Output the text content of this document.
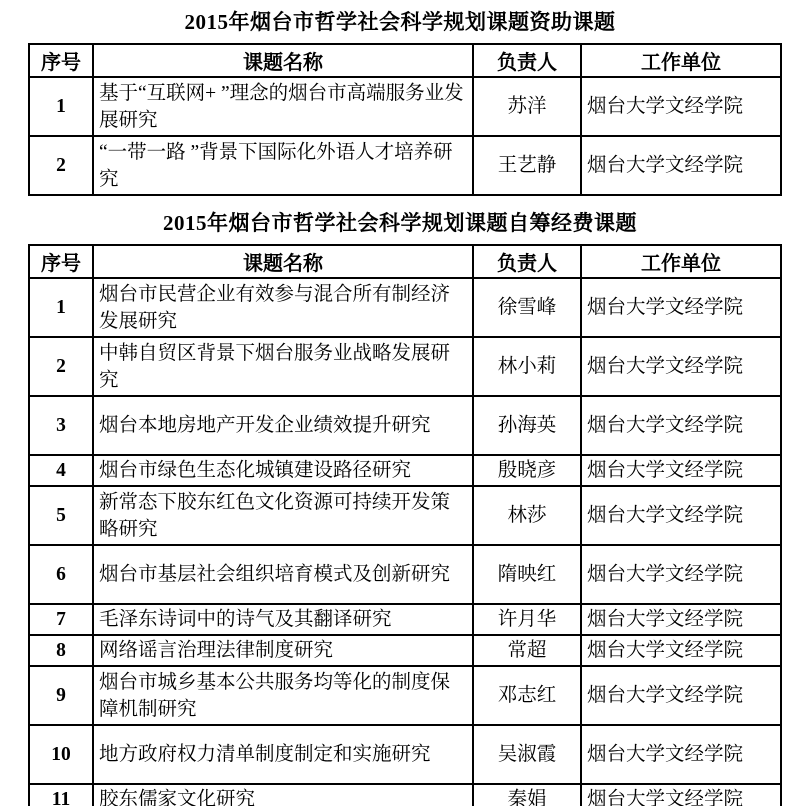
2015年烟台市哲学社会科学规划课题资助课题
序号	课题名称	负责人	工作单位
1	基于“互联网+ ”理念的烟台市高端服务业发展研究	苏洋	烟台大学文经学院
2	“一带一路 ”背景下国际化外语人才培养研究	王艺静	烟台大学文经学院
2015年烟台市哲学社会科学规划课题自筹经费课题
序号	课题名称	负责人	工作单位
1	烟台市民营企业有效参与混合所有制经济发展研究	徐雪峰	烟台大学文经学院
2	中韩自贸区背景下烟台服务业战略发展研究	林小莉	烟台大学文经学院
3	烟台本地房地产开发企业绩效提升研究	孙海英	烟台大学文经学院
4	烟台市绿色生态化城镇建设路径研究	殷晓彦	烟台大学文经学院
5	新常态下胶东红色文化资源可持续开发策略研究	林莎	烟台大学文经学院
6	烟台市基层社会组织培育模式及创新研究	隋映红	烟台大学文经学院
7	毛泽东诗词中的诗气及其翻译研究	许月华	烟台大学文经学院
8	网络谣言治理法律制度研究	常超	烟台大学文经学院
9	烟台市城乡基本公共服务均等化的制度保障机制研究	邓志红	烟台大学文经学院
10	地方政府权力清单制度制定和实施研究	吴淑霞	烟台大学文经学院
11	胶东儒家文化研究	秦娟	烟台大学文经学院
